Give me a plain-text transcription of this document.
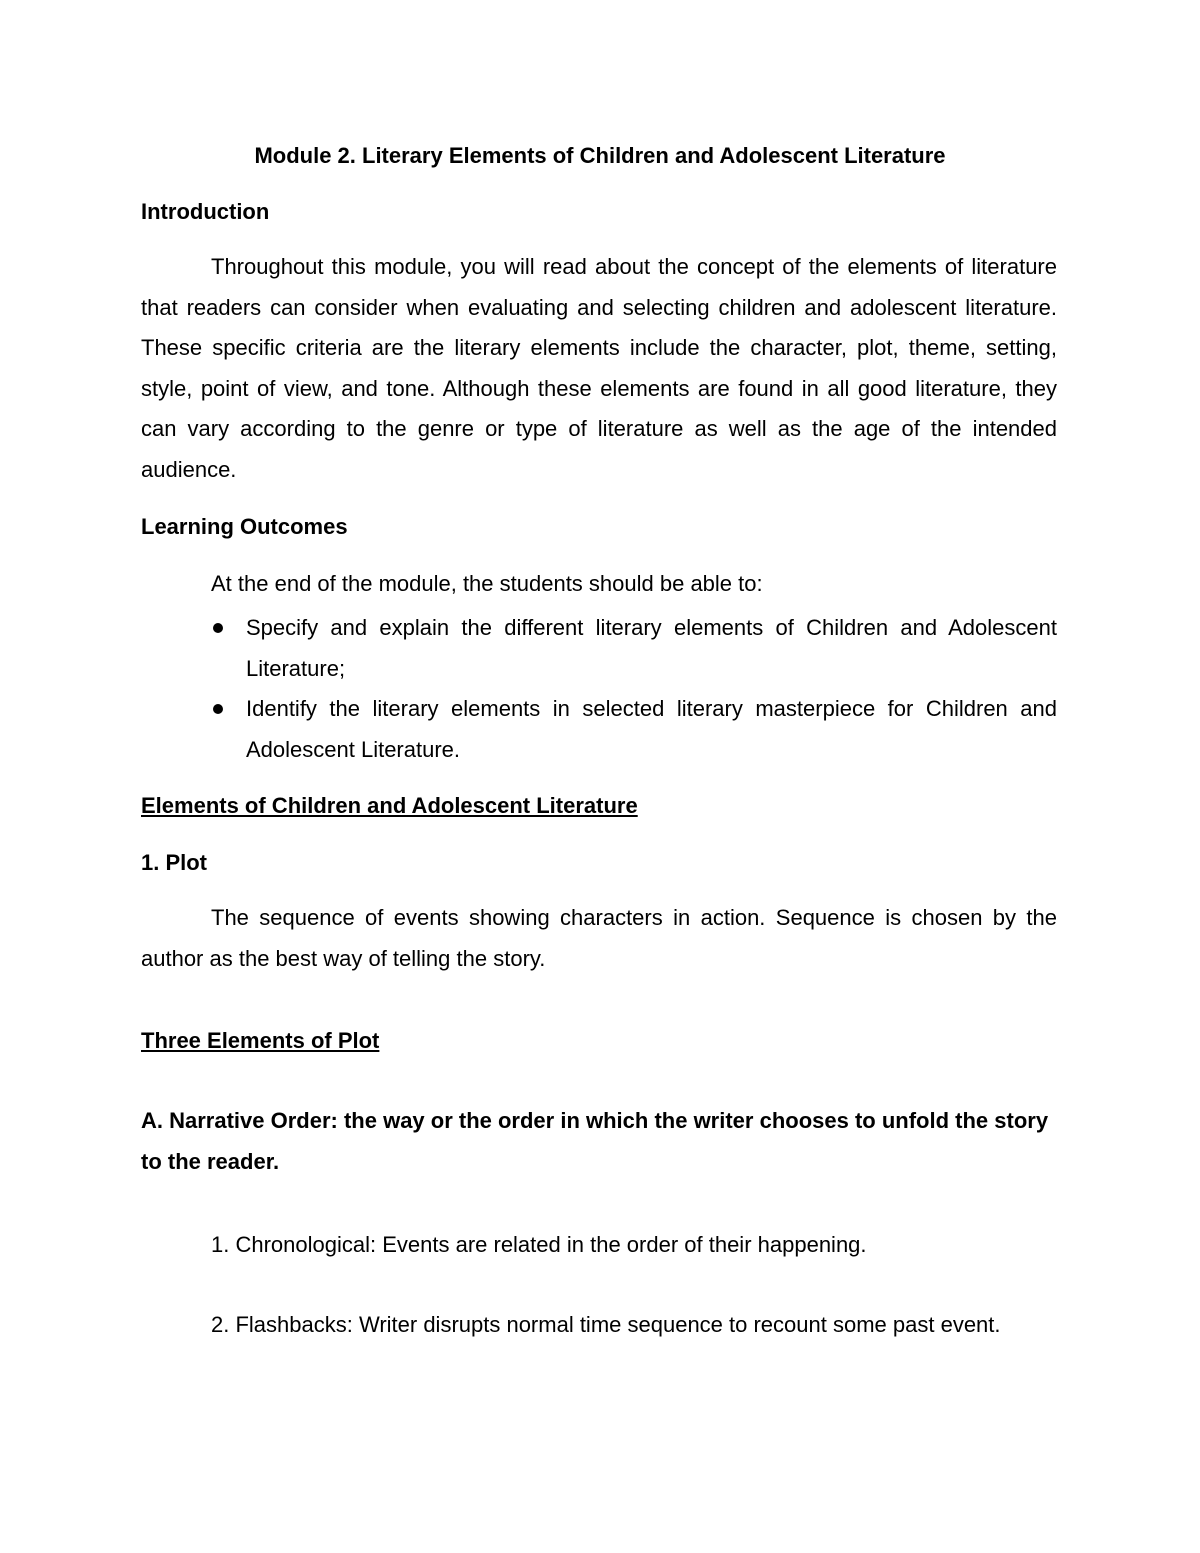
Module 2. Literary Elements of Children and Adolescent Literature
Introduction

Throughout this module, you will read about the concept of the elements of literature that readers can consider when evaluating and selecting children and adolescent literature. These specific criteria are the literary elements include the character, plot, theme, setting, style, point of view, and tone. Although these elements are found in all good literature, they can vary according to the genre or type of literature as well as the age of the intended audience.

Learning Outcomes
At the end of the module, the students should be able to:
Specify and explain the different literary elements of Children and Adolescent Literature;
Identify the literary elements in selected literary masterpiece for Children and Adolescent Literature.
Elements of Children and Adolescent Literature
1. Plot

The sequence of events showing characters in action. Sequence is chosen by the author as the best way of telling the story.

Three Elements of Plot

A. Narrative Order: the way or the order in which the writer chooses to unfold the story to the reader.

1. Chronological: Events are related in the order of their happening.
2. Flashbacks: Writer disrupts normal time sequence to recount some past event.
